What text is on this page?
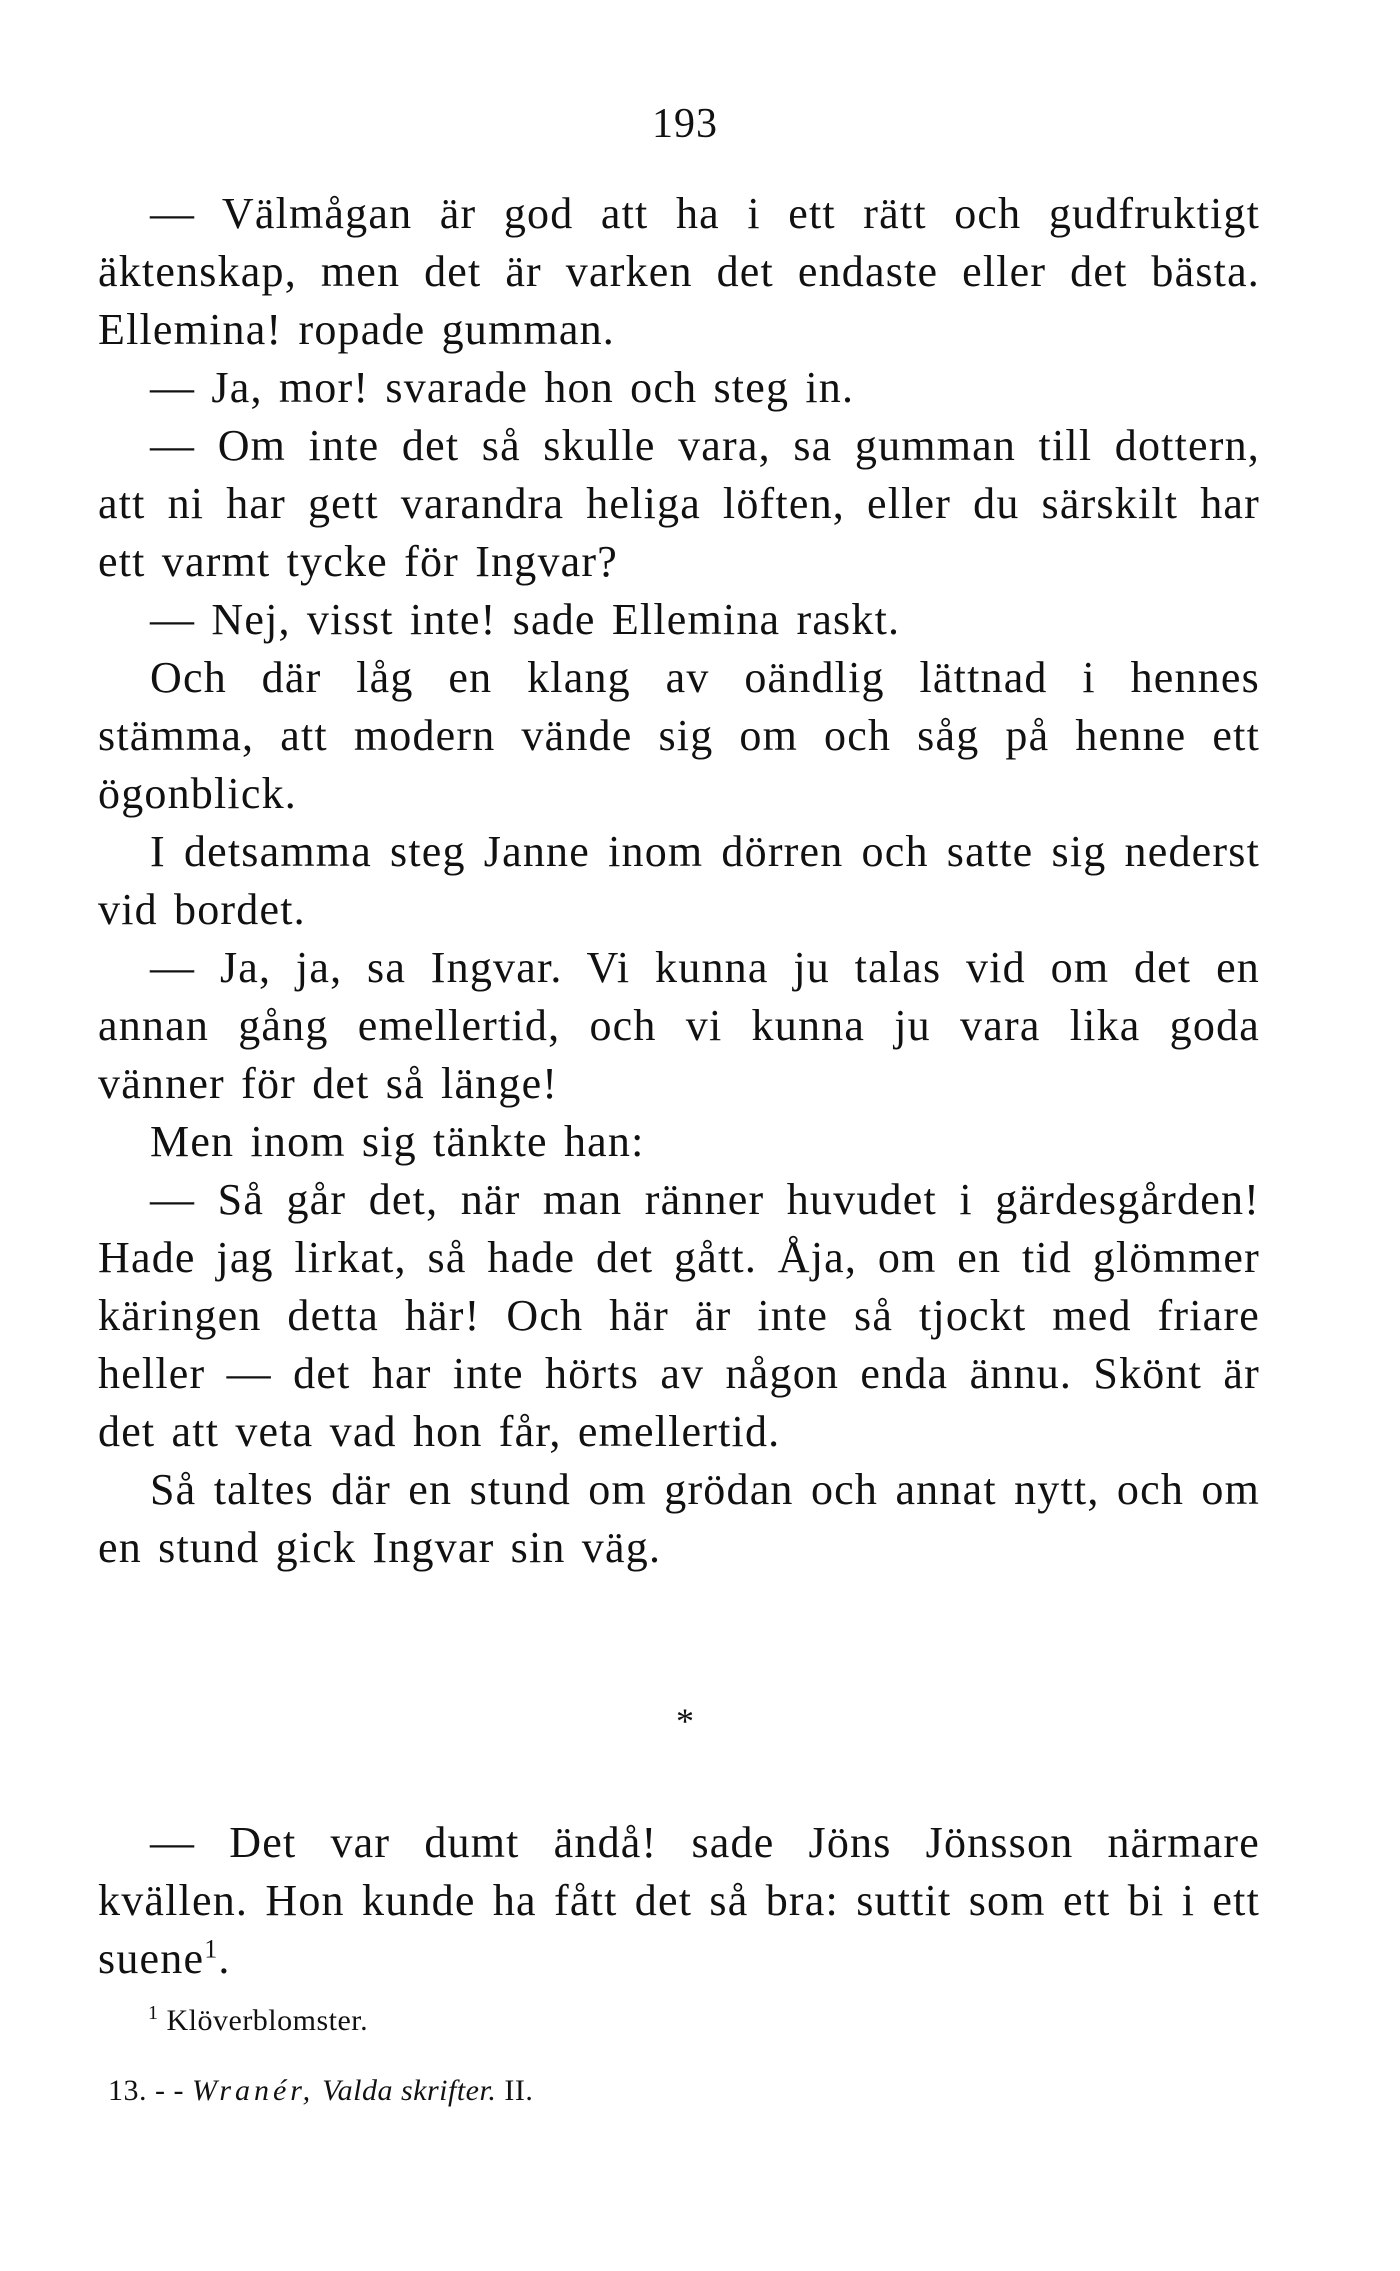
193

— Välmågan är god att ha i ett rätt och gudfruktigt äktenskap, men det är varken det endaste eller det bästa. Ellemina! ropade gumman.

— Ja, mor! svarade hon och steg in.

— Om inte det så skulle vara, sa gumman till dottern, att ni har gett varandra heliga löften, eller du särskilt har ett varmt tycke för Ingvar?

— Nej, visst inte! sade Ellemina raskt.

Och där låg en klang av oändlig lättnad i hennes stämma, att modern vände sig om och såg på henne ett ögonblick.

I detsamma steg Janne inom dörren och satte sig nederst vid bordet.

— Ja, ja, sa Ingvar. Vi kunna ju talas vid om det en annan gång emellertid, och vi kunna ju vara lika goda vänner för det så länge!

Men inom sig tänkte han:

— Så går det, när man ränner huvudet i gärdesgården! Hade jag lirkat, så hade det gått. Åja, om en tid glömmer käringen detta här! Och här är inte så tjockt med friare heller — det har inte hörts av någon enda ännu. Skönt är det att veta vad hon får, emellertid.

Så taltes där en stund om grödan och annat nytt, och om en stund gick Ingvar sin väg.

*

— Det var dumt ändå! sade Jöns Jönsson närmare kvällen. Hon kunde ha fått det så bra: suttit som ett bi i ett suene$^1$.

$^1$ Klöverblomster.
13. - - Wranér, Valda skrifter. II.
